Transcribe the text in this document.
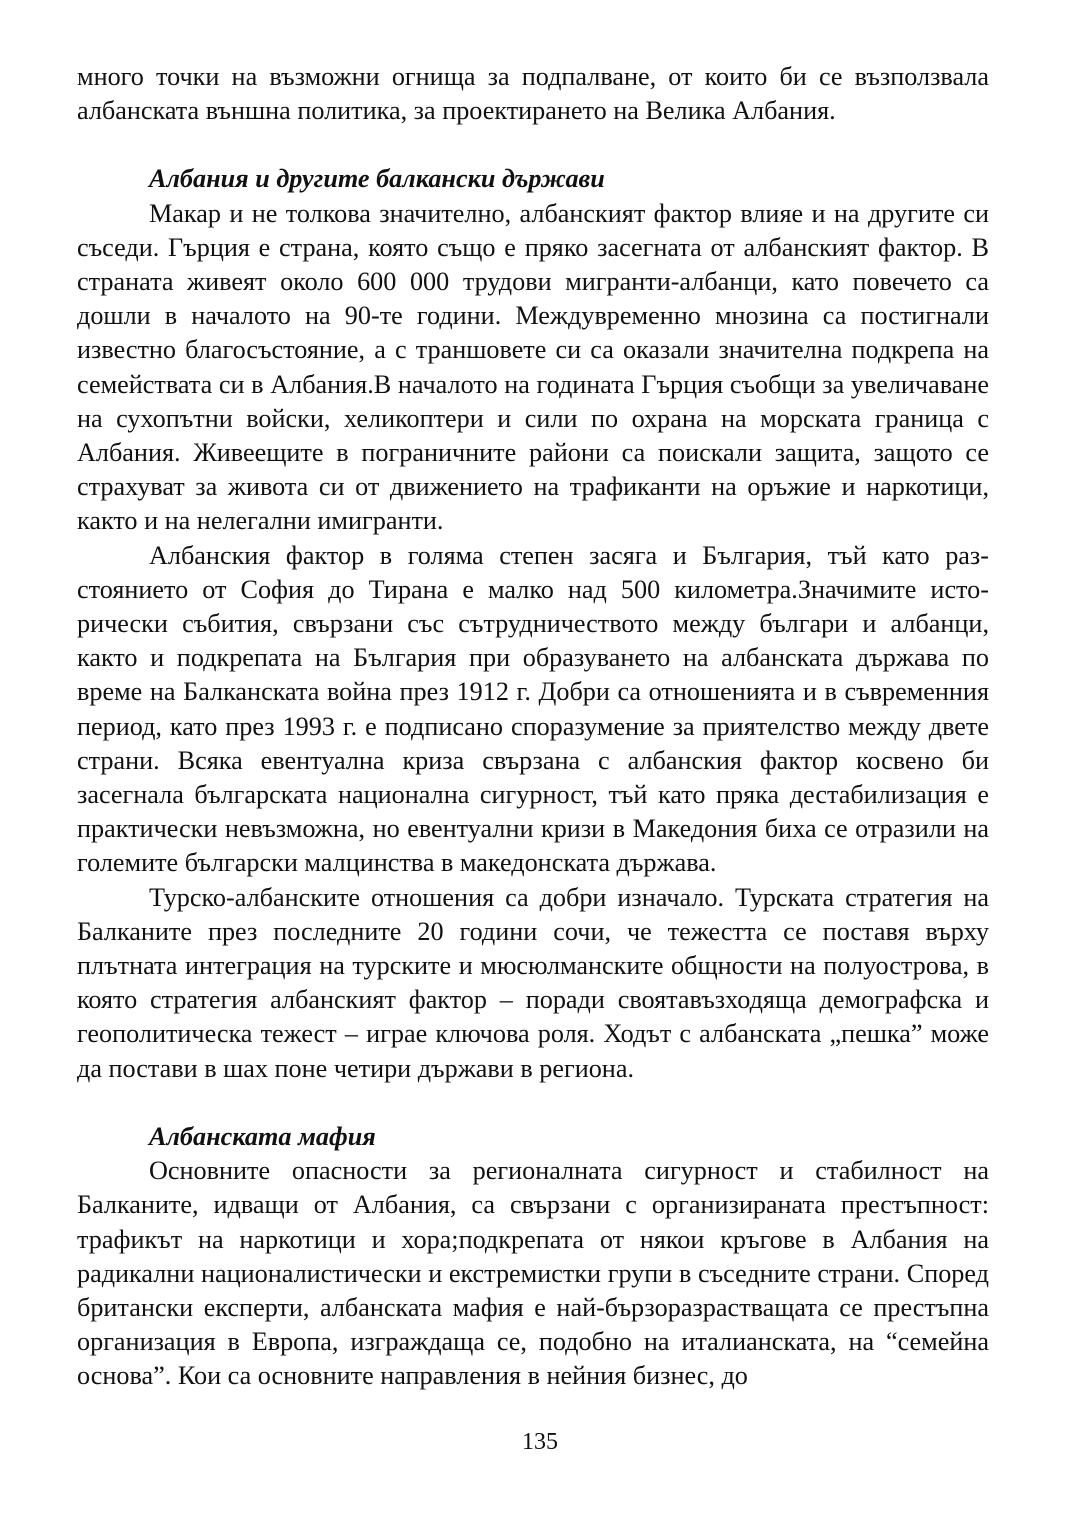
много точки на възможни огнища за подпалване, от които би се възползвала албанската външна политика, за проектирането на Велика Албания.

Албания и другите балкански държави

Макар и не толкова значително, албанският фактор влияе и на другите си съседи. Гърция е страна, която също е пряко засегната от албанският фактор. В страната живеят около 600 000 трудови мигранти-албанци, като повечето са дошли в началото на 90-те години. Междувременно мнозина са постигнали известно благосъстояние, а с траншовете си са оказали значителна подкрепа на семействата си в Албания.В началото на годината Гърция съобщи за увеличаване на сухопътни войски, хеликоптери и сили по охрана на морската граница с Албания. Живеещите в пограничните райони са поискали защита, защото се страхуват за живота си от движението на трафиканти на оръжие и наркотици, както и на нелегални имигранти.

Албанския фактор в голяма степен засяга и България, тъй като разстоянието от София до Тирана е малко над 500 километра.Значимите исторически събития, свързани със сътрудничеството между българи и албанци, както и подкрепата на България при образуването на албанската държава по време на Балканската война през 1912 г. Добри са отношенията и в съвременния период, като през 1993 г. е подписано споразумение за приятелство между двете страни. Всяка евентуална криза свързана с албанския фактор косвено би засегнала българската национална сигурност, тъй като пряка дестабилизация е практически невъзможна, но евентуални кризи в Македония биха се отразили на големите български малцинства в македонската държава.

Турско-албанските отношения са добри изначало. Турската стратегия на Балканите през последните 20 години сочи, че тежестта се поставя върху плътната интеграция на турските и мюсюлманските общности на полуострова, в която стратегия албанският фактор – поради своятавъзходяща демографска и геополитическа тежест – играе ключова роля. Ходът с албанската „пешка” може да постави в шах поне четири държави в региона.

Албанската мафия

Основните опасности за регионалната сигурност и стабилност на Балканите, идващи от Албания, са свързани с организираната престъпност: трафикът на наркотици и хора;подкрепата от някои кръгове в Албания на радикални националистически и екстремистки групи в съседните страни. Според британски експерти, албанската мафия е най-бързоразрастващата се престъпна организация в Европа, изграждаща се, подобно на италианската, на “семейна основа”. Кои са основните направления в нейния бизнес, до

135
